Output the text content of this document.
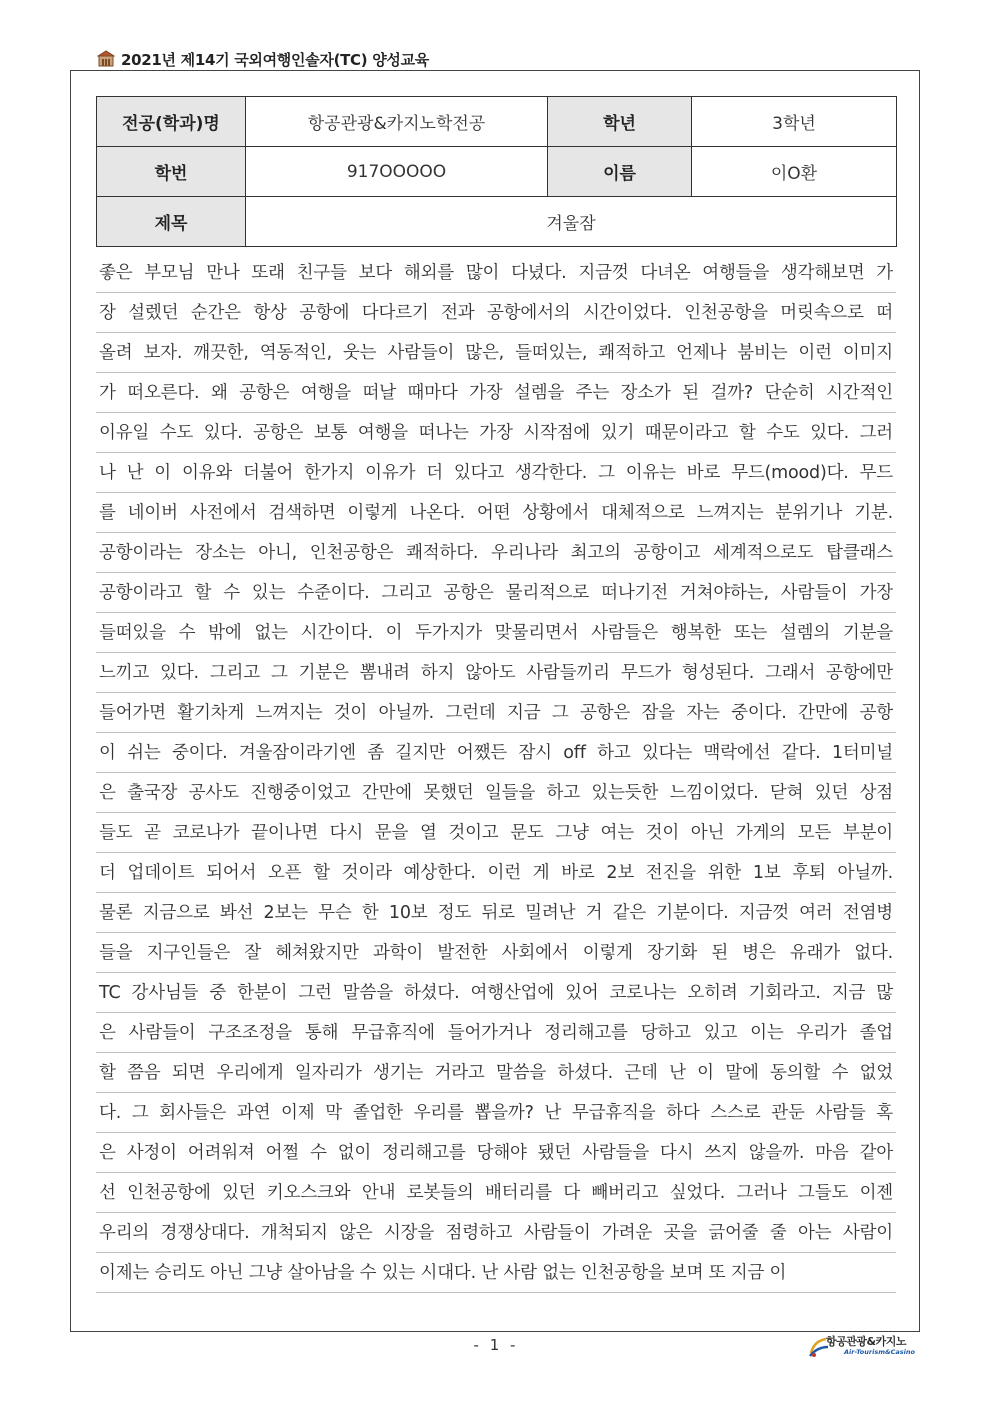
2021년 제14기 국외여행인솔자(TC) 양성교육
전공(학과)명	항공관광&카지노학전공	학년	3학년
학번	917OOOOO	이름	이O환
제목	겨울잠		
좋은 부모님 만나 또래 친구들 보다 해외를 많이 다녔다. 지금껏 다녀온 여행들을 생각해보면 가
장 설렜던 순간은 항상 공항에 다다르기 전과 공항에서의 시간이었다. 인천공항을 머릿속으로 떠
올려 보자. 깨끗한, 역동적인, 웃는 사람들이 많은, 들떠있는, 쾌적하고 언제나 붐비는 이런 이미지
가 떠오른다. 왜 공항은 여행을 떠날 때마다 가장 설렘을 주는 장소가 된 걸까? 단순히 시간적인
이유일 수도 있다. 공항은 보통 여행을 떠나는 가장 시작점에 있기 때문이라고 할 수도 있다. 그러
나 난 이 이유와 더불어 한가지 이유가 더 있다고 생각한다. 그 이유는 바로 무드(mood)다. 무드
를 네이버 사전에서 검색하면 이렇게 나온다. 어떤 상황에서 대체적으로 느껴지는 분위기나 기분.
공항이라는 장소는 아니, 인천공항은 쾌적하다. 우리나라 최고의 공항이고 세계적으로도 탑클래스
공항이라고 할 수 있는 수준이다. 그리고 공항은 물리적으로 떠나기전 거쳐야하는, 사람들이 가장
들떠있을 수 밖에 없는 시간이다. 이 두가지가 맞물리면서 사람들은 행복한 또는 설렘의 기분을
느끼고 있다. 그리고 그 기분은 뽐내려 하지 않아도 사람들끼리 무드가 형성된다. 그래서 공항에만
들어가면 활기차게 느껴지는 것이 아닐까. 그런데 지금 그 공항은 잠을 자는 중이다. 간만에 공항
이 쉬는 중이다. 겨울잠이라기엔 좀 길지만 어쨌든 잠시 off 하고 있다는 맥락에선 같다. 1터미널
은 출국장 공사도 진행중이었고 간만에 못했던 일들을 하고 있는듯한 느낌이었다. 닫혀 있던 상점
들도 곧 코로나가 끝이나면 다시 문을 열 것이고 문도 그냥 여는 것이 아닌 가게의 모든 부분이
더 업데이트 되어서 오픈 할 것이라 예상한다. 이런 게 바로 2보 전진을 위한 1보 후퇴 아닐까.
물론 지금으로 봐선 2보는 무슨 한 10보 정도 뒤로 밀려난 거 같은 기분이다. 지금껏 여러 전염병
들을 지구인들은 잘 헤쳐왔지만 과학이 발전한 사회에서 이렇게 장기화 된 병은 유래가 없다.
TC 강사님들 중 한분이 그런 말씀을 하셨다. 여행산업에 있어 코로나는 오히려 기회라고. 지금 많
은 사람들이 구조조정을 통해 무급휴직에 들어가거나 정리해고를 당하고 있고 이는 우리가 졸업
할 쯤음 되면 우리에게 일자리가 생기는 거라고 말씀을 하셨다. 근데 난 이 말에 동의할 수 없었
다. 그 회사들은 과연 이제 막 졸업한 우리를 뽑을까? 난 무급휴직을 하다 스스로 관둔 사람들 혹
은 사정이 어려워져 어쩔 수 없이 정리해고를 당해야 됐던 사람들을 다시 쓰지 않을까. 마음 같아
선 인천공항에 있던 키오스크와 안내 로봇들의 배터리를 다 빼버리고 싶었다. 그러나 그들도 이젠
우리의 경쟁상대다. 개척되지 않은 시장을 점령하고 사람들이 가려운 곳을 긁어줄 줄 아는 사람이
이제는 승리도 아닌 그냥 살아남을 수 있는 시대다. 난 사람 없는 인천공항을 보며 또 지금 이
- 1 -	항공관광&카지노
Air-Tourism&Casino
